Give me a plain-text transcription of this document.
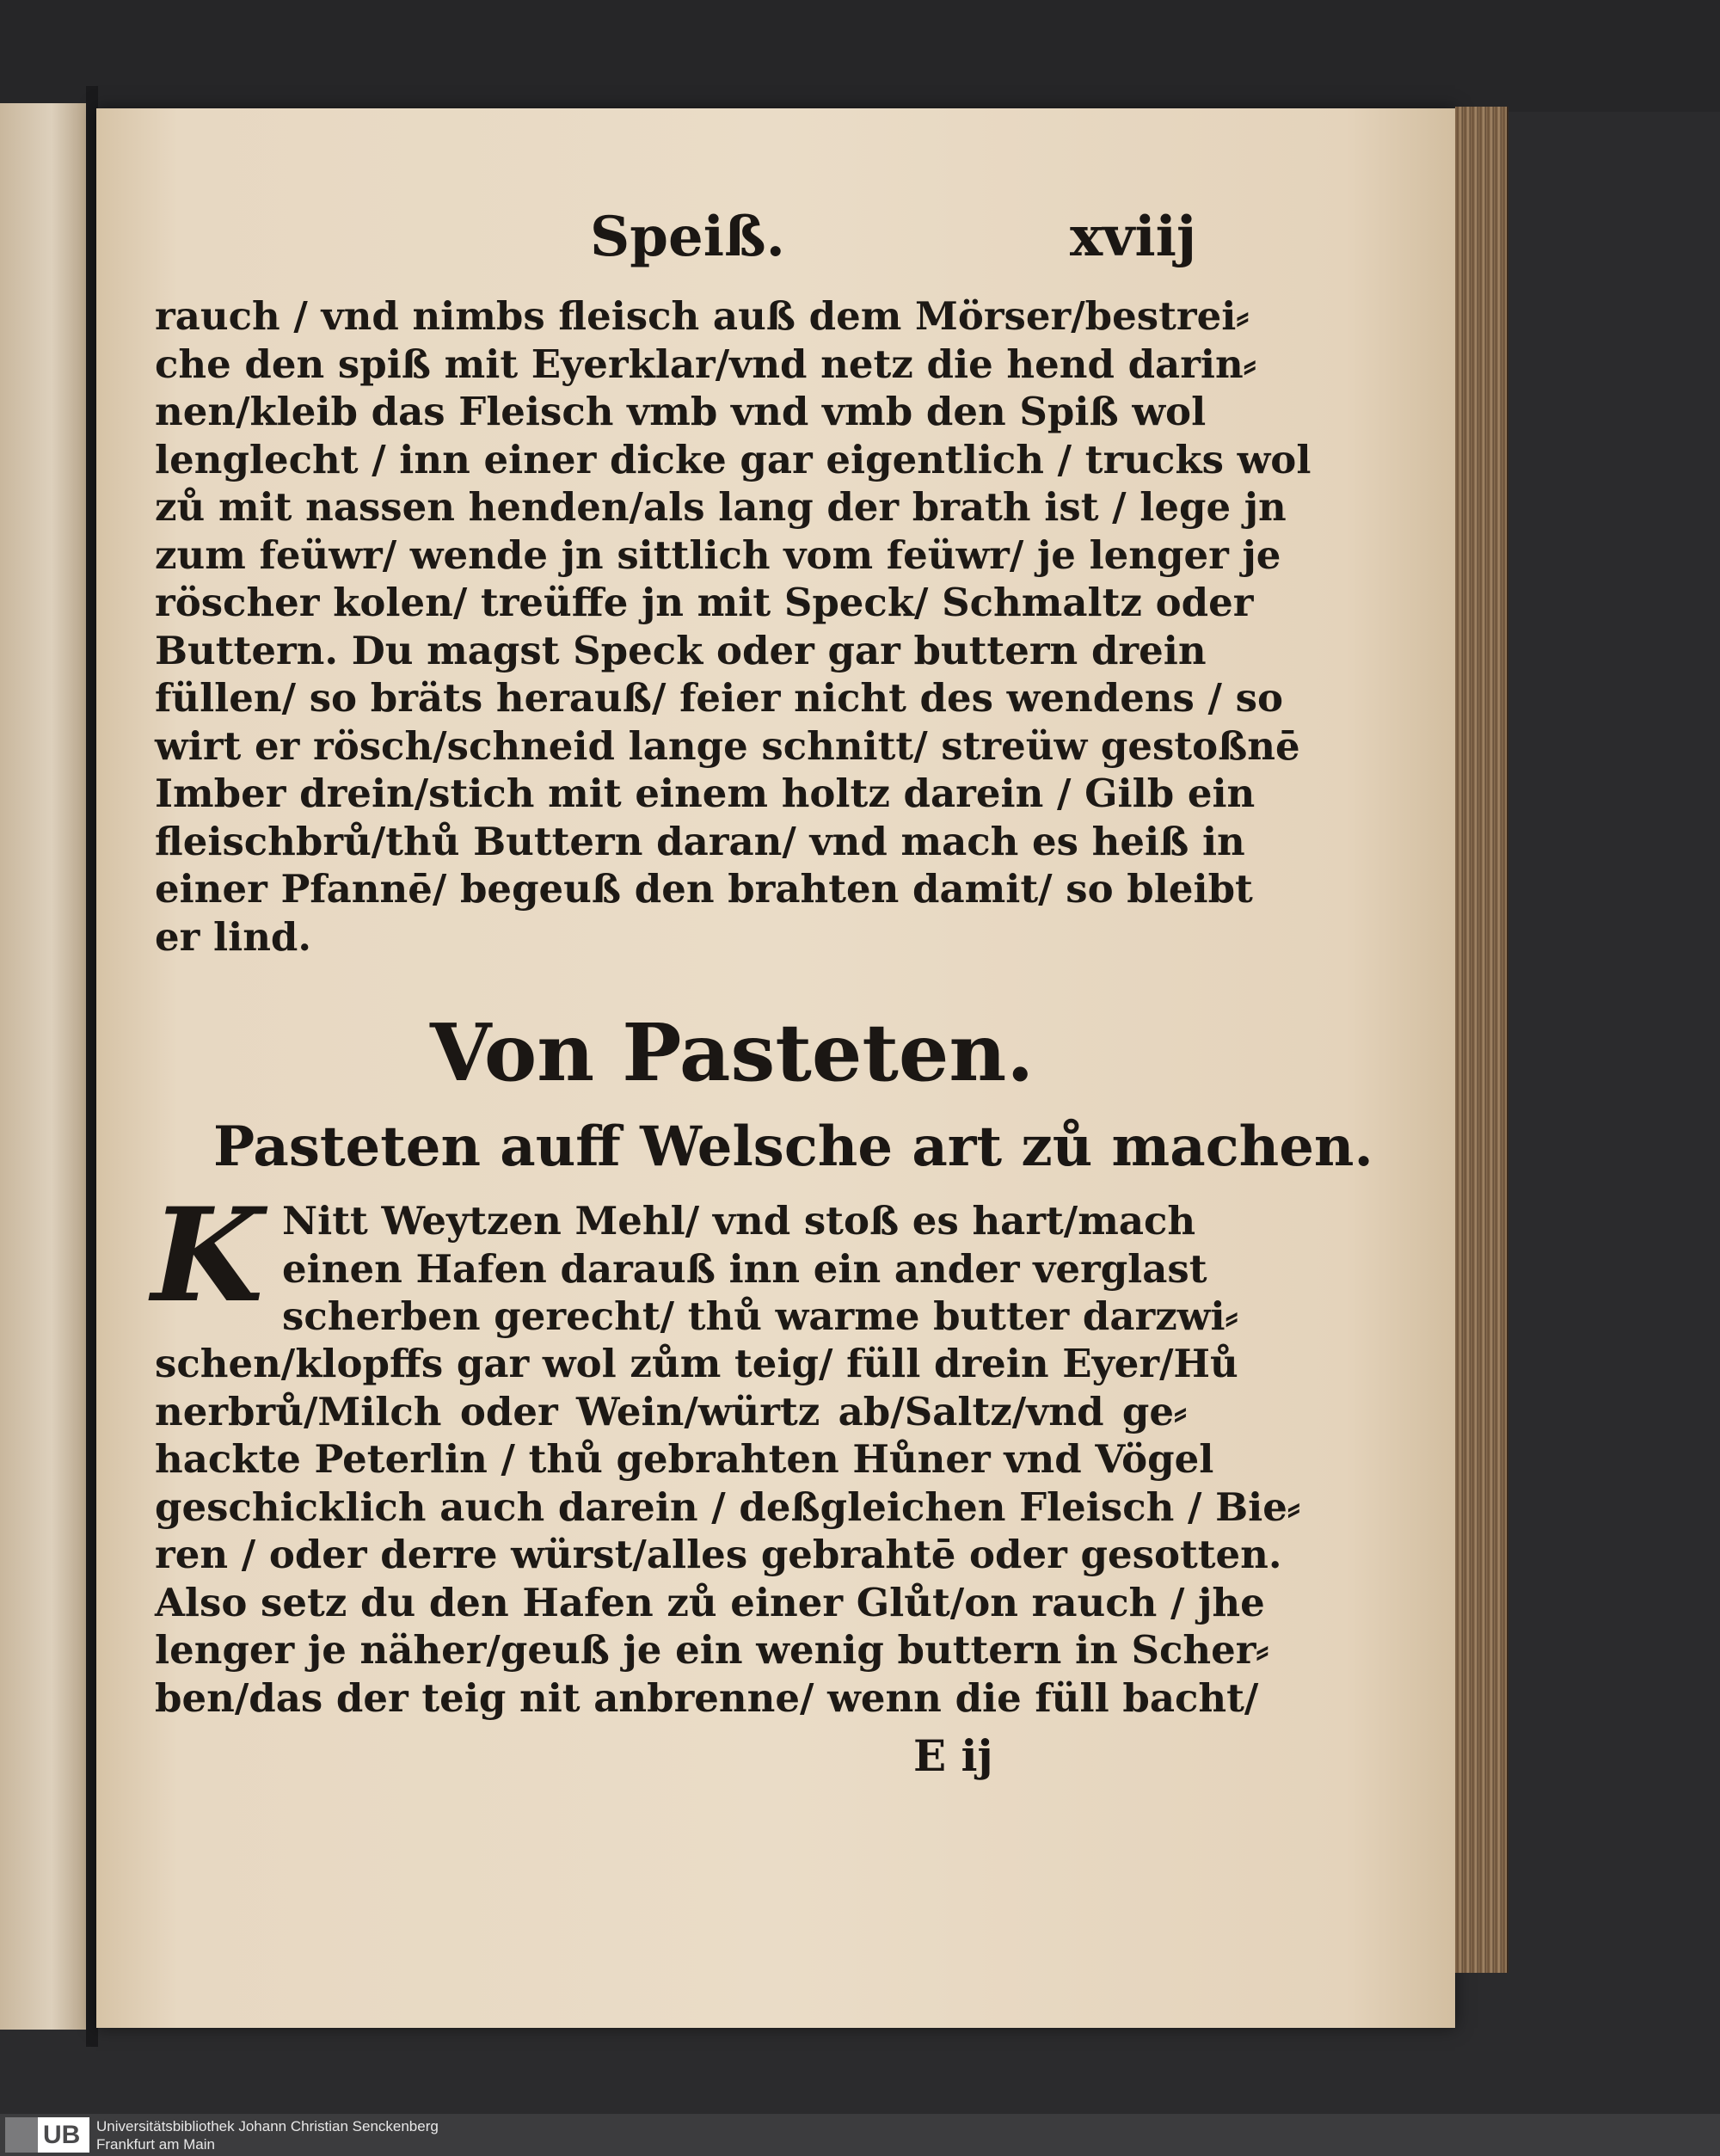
Speiß.	xviij
rauch / vnd nimbs fleisch auß dem Mörser/bestrei⸗
che den spiß mit Eyerklar/vnd netz die hend darin⸗
nen/kleib das Fleisch vmb vnd vmb den Spiß wol
lenglecht / inn einer dicke gar eigentlich / trucks wol
zů mit nassen henden/als lang der brath ist / lege jn
zum feüwr/ wende jn sittlich vom feüwr/ je lenger je
röscher kolen/ treüffe jn mit Speck/ Schmaltz oder
Buttern. Du magst Speck oder gar buttern drein
füllen/ so bräts herauß/ feier nicht des wendens / so
wirt er rösch/schneid lange schnitt/ streüw gestoßnē
Imber drein/stich mit einem holtz darein / Gilb ein
fleischbrů/thů Buttern daran/ vnd mach es heiß in
einer Pfannē/ begeuß den brahten damit/ so bleibt
er lind.
Von Pasteten.
Pasteten auff Welsche art zů machen.
K Nitt Weytzen Mehl/ vnd stoß es hart/mach
einen Hafen darauß inn ein ander verglast
scherben gerecht/ thů warme butter darzwi⸗
schen/klopffs gar wol zům teig/ füll drein Eyer/Hů
nerbrů/Milch oder Wein/würtz ab/Saltz/vnd ge⸗
hackte Peterlin / thů gebrahten Hůner vnd Vögel
geschicklich auch darein / deßgleichen Fleisch / Bie⸗
ren / oder derre würst/alles gebrahtē oder gesotten.
Also setz du den Hafen zů einer Glůt/on rauch / jhe
lenger je näher/geuß je ein wenig buttern in Scher⸗
ben/das der teig nit anbrenne/ wenn die füll bacht/
E ij
UB Universitätsbibliothek Johann Christian Senckenberg
Frankfurt am Main
